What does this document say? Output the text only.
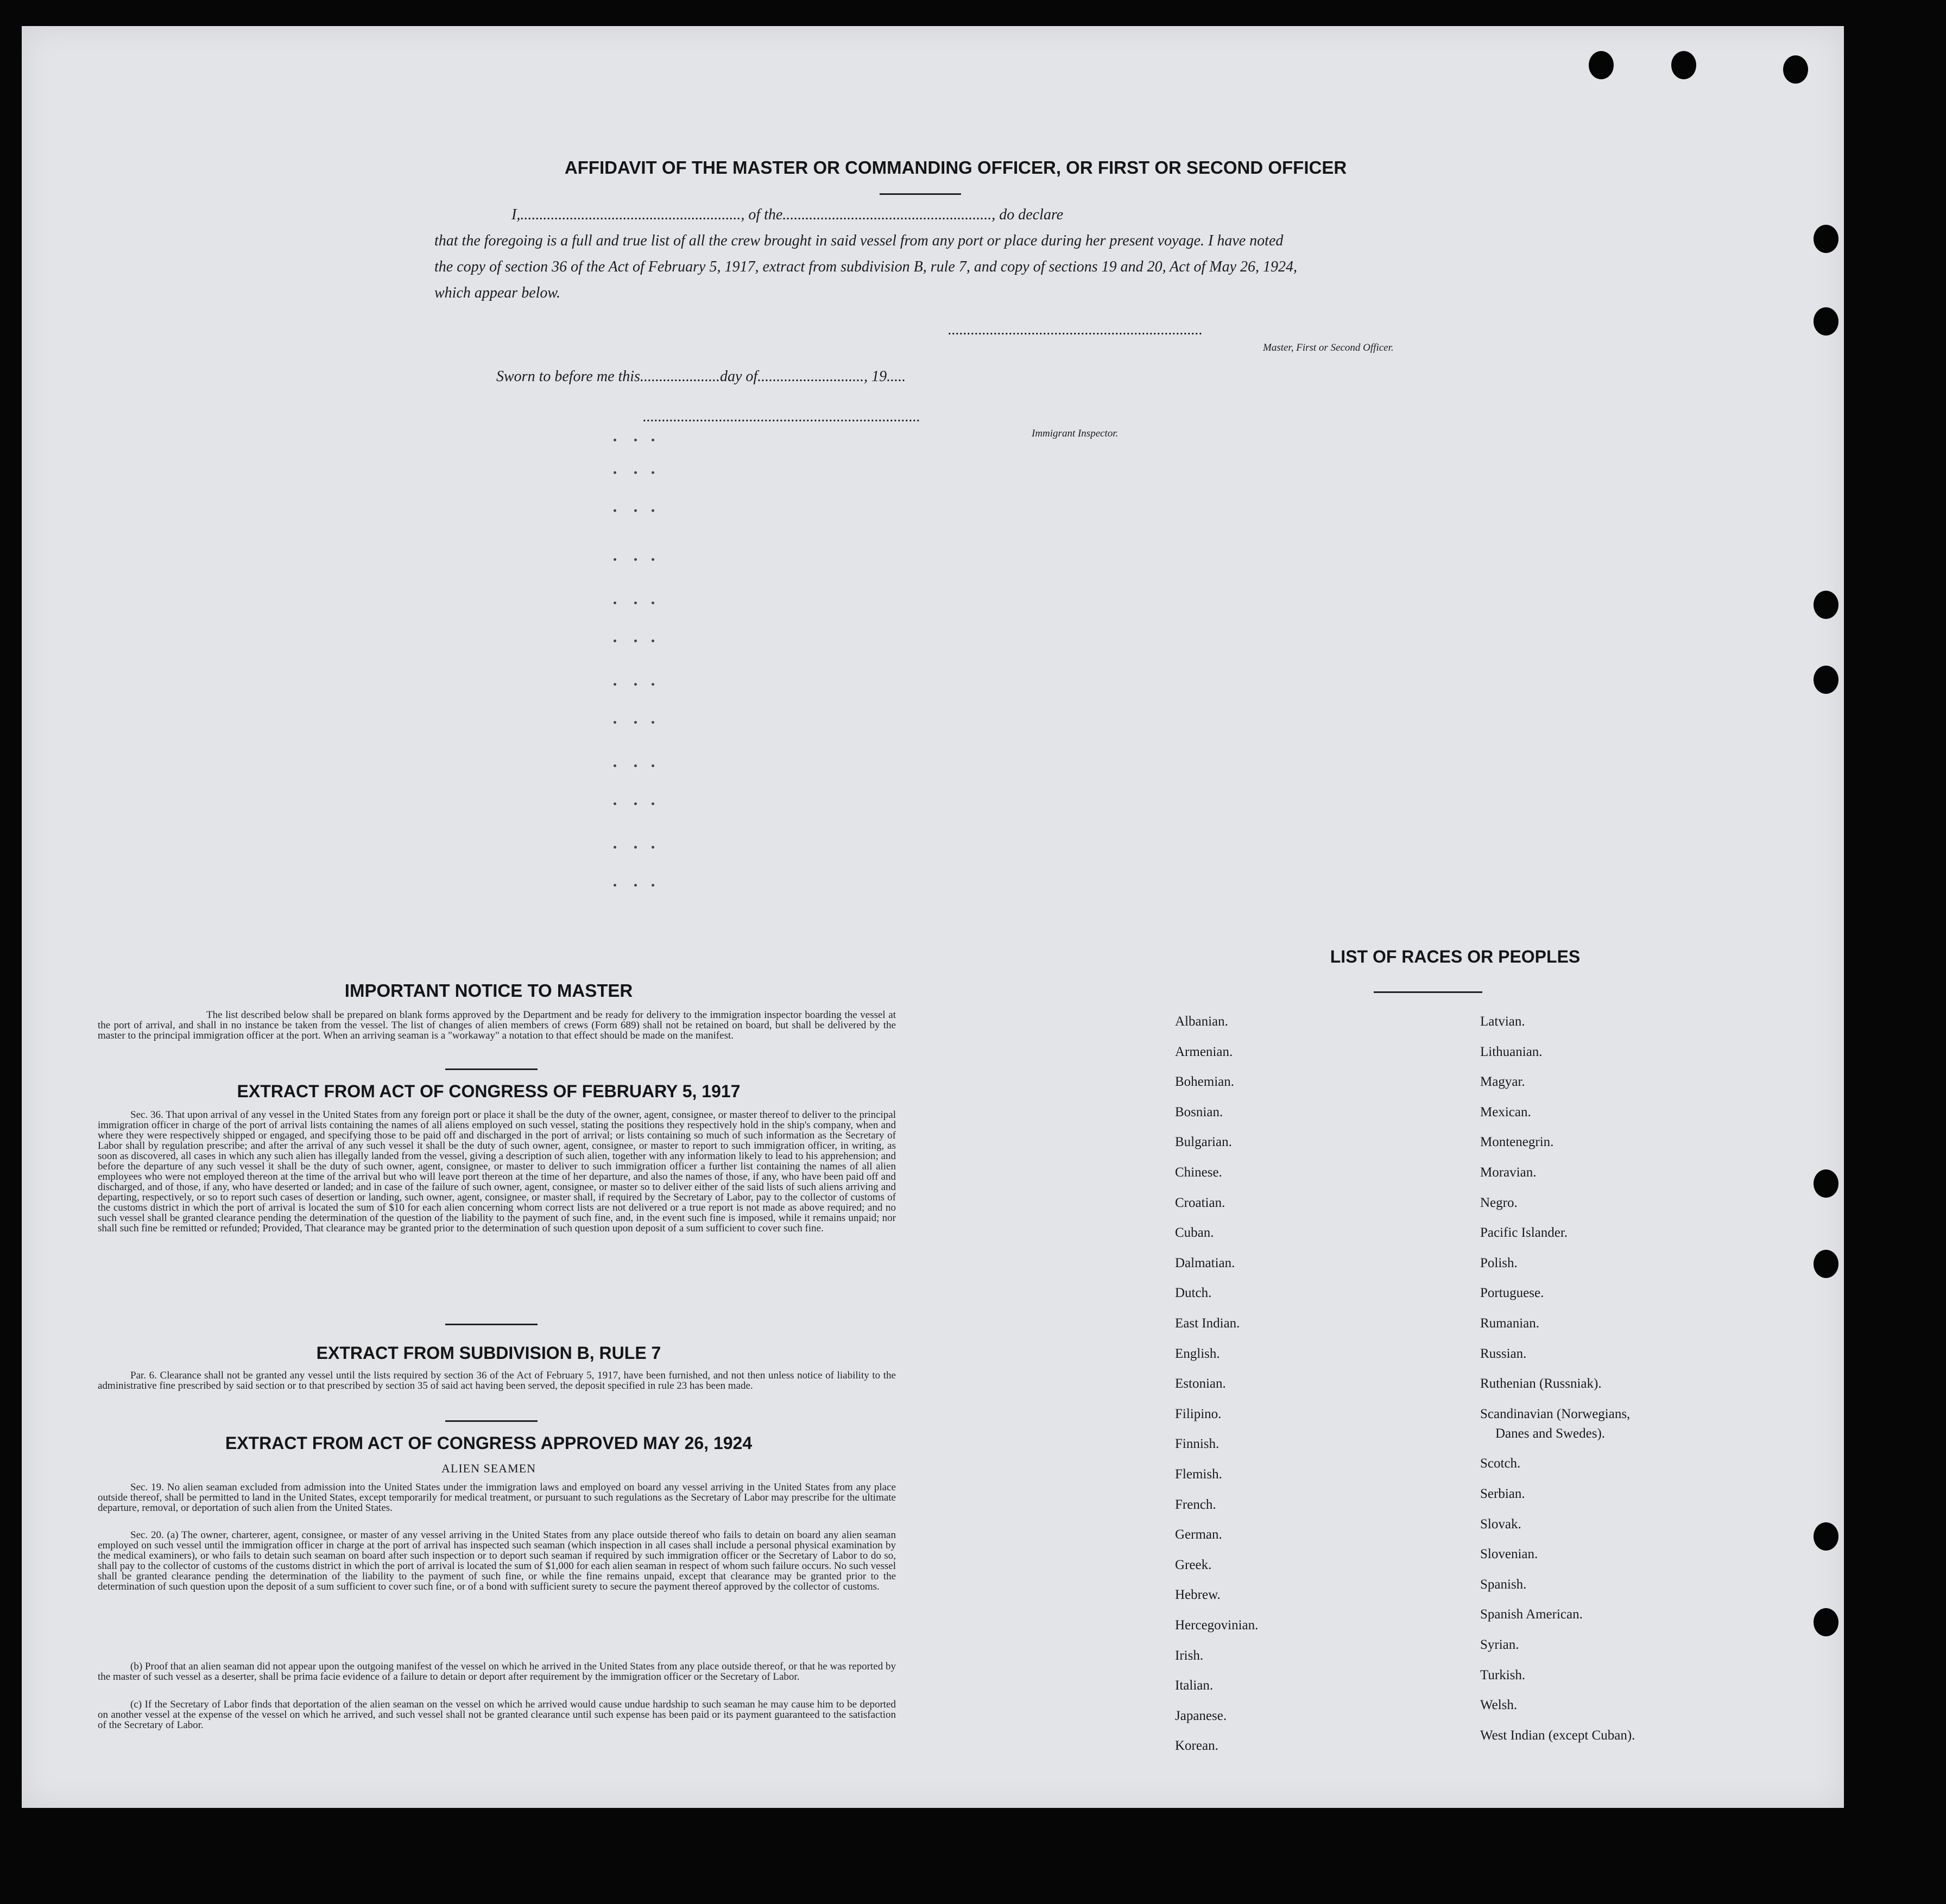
AFFIDAVIT OF THE MASTER OR COMMANDING OFFICER, OR FIRST OR SECOND OFFICER
I,.........................................................., of the......................................................., do declare
that the foregoing is a full and true list of all the crew brought in said vessel from any port or place during her present voyage. I have noted
the copy of section 36 of the Act of February 5, 1917, extract from subdivision B, rule 7, and copy of sections 19 and 20, Act of May 26, 1924,
which appear below.
...................................................................
Master, First or Second Officer.
Sworn to before me this.....................day of............................, 19.....
.........................................................................
Immigrant Inspector.
IMPORTANT NOTICE TO MASTER
The list described below shall be prepared on blank forms approved by the Department and be ready for delivery to the immigration inspector boarding the vessel at the port of arrival, and shall in no instance be taken from the vessel. The list of changes of alien members of crews (Form 689) shall not be retained on board, but shall be delivered by the master to the principal immigration officer at the port. When an arriving seaman is a "workaway" a notation to that effect should be made on the manifest.
EXTRACT FROM ACT OF CONGRESS OF FEBRUARY 5, 1917
Sec. 36. That upon arrival of any vessel in the United States from any foreign port or place it shall be the duty of the owner, agent, consignee, or master thereof to deliver to the principal immigration officer in charge of the port of arrival lists containing the names of all aliens employed on such vessel, stating the positions they respectively hold in the ship's company, when and where they were respectively shipped or engaged, and specifying those to be paid off and discharged in the port of arrival; or lists containing so much of such information as the Secretary of Labor shall by regulation prescribe; and after the arrival of any such vessel it shall be the duty of such owner, agent, consignee, or master to report to such immigration officer, in writing, as soon as discovered, all cases in which any such alien has illegally landed from the vessel, giving a description of such alien, together with any information likely to lead to his apprehension; and before the departure of any such vessel it shall be the duty of such owner, agent, consignee, or master to deliver to such immigration officer a further list containing the names of all alien employees who were not employed thereon at the time of the arrival but who will leave port thereon at the time of her departure, and also the names of those, if any, who have been paid off and discharged, and of those, if any, who have deserted or landed; and in case of the failure of such owner, agent, consignee, or master so to deliver either of the said lists of such aliens arriving and departing, respectively, or so to report such cases of desertion or landing, such owner, agent, consignee, or master shall, if required by the Secretary of Labor, pay to the collector of customs of the customs district in which the port of arrival is located the sum of $10 for each alien concerning whom correct lists are not delivered or a true report is not made as above required; and no such vessel shall be granted clearance pending the determination of the question of the liability to the payment of such fine, and, in the event such fine is imposed, while it remains unpaid; nor shall such fine be remitted or refunded; Provided, That clearance may be granted prior to the determination of such question upon deposit of a sum sufficient to cover such fine.
EXTRACT FROM SUBDIVISION B, RULE 7
Par. 6. Clearance shall not be granted any vessel until the lists required by section 36 of the Act of February 5, 1917, have been furnished, and not then unless notice of liability to the administrative fine prescribed by said section or to that prescribed by section 35 of said act having been served, the deposit specified in rule 23 has been made.
EXTRACT FROM ACT OF CONGRESS APPROVED MAY 26, 1924
ALIEN SEAMEN
Sec. 19. No alien seaman excluded from admission into the United States under the immigration laws and employed on board any vessel arriving in the United States from any place outside thereof, shall be permitted to land in the United States, except temporarily for medical treatment, or pursuant to such regulations as the Secretary of Labor may prescribe for the ultimate departure, removal, or deportation of such alien from the United States.
Sec. 20. (a) The owner, charterer, agent, consignee, or master of any vessel arriving in the United States from any place outside thereof who fails to detain on board any alien seaman employed on such vessel until the immigration officer in charge at the port of arrival has inspected such seaman (which inspection in all cases shall include a personal physical examination by the medical examiners), or who fails to detain such seaman on board after such inspection or to deport such seaman if required by such immigration officer or the Secretary of Labor to do so, shall pay to the collector of customs of the customs district in which the port of arrival is located the sum of $1,000 for each alien seaman in respect of whom such failure occurs. No such vessel shall be granted clearance pending the determination of the liability to the payment of such fine, or while the fine remains unpaid, except that clearance may be granted prior to the determination of such question upon the deposit of a sum sufficient to cover such fine, or of a bond with sufficient surety to secure the payment thereof approved by the collector of customs.
(b) Proof that an alien seaman did not appear upon the outgoing manifest of the vessel on which he arrived in the United States from any place outside thereof, or that he was reported by the master of such vessel as a deserter, shall be prima facie evidence of a failure to detain or deport after requirement by the immigration officer or the Secretary of Labor.
(c) If the Secretary of Labor finds that deportation of the alien seaman on the vessel on which he arrived would cause undue hardship to such seaman he may cause him to be deported on another vessel at the expense of the vessel on which he arrived, and such vessel shall not be granted clearance until such expense has been paid or its payment guaranteed to the satisfaction of the Secretary of Labor.
LIST OF RACES OR PEOPLES
Albanian.
Armenian.
Bohemian.
Bosnian.
Bulgarian.
Chinese.
Croatian.
Cuban.
Dalmatian.
Dutch.
East Indian.
English.
Estonian.
Filipino.
Finnish.
Flemish.
French.
German.
Greek.
Hebrew.
Hercegovinian.
Irish.
Italian.
Japanese.
Korean.
Latvian.
Lithuanian.
Magyar.
Mexican.
Montenegrin.
Moravian.
Negro.
Pacific Islander.
Polish.
Portuguese.
Rumanian.
Russian.
Ruthenian (Russniak).
Scandinavian (Norwegians,
Danes and Swedes).
Scotch.
Serbian.
Slovak.
Slovenian.
Spanish.
Spanish American.
Syrian.
Turkish.
Welsh.
West Indian (except Cuban).
